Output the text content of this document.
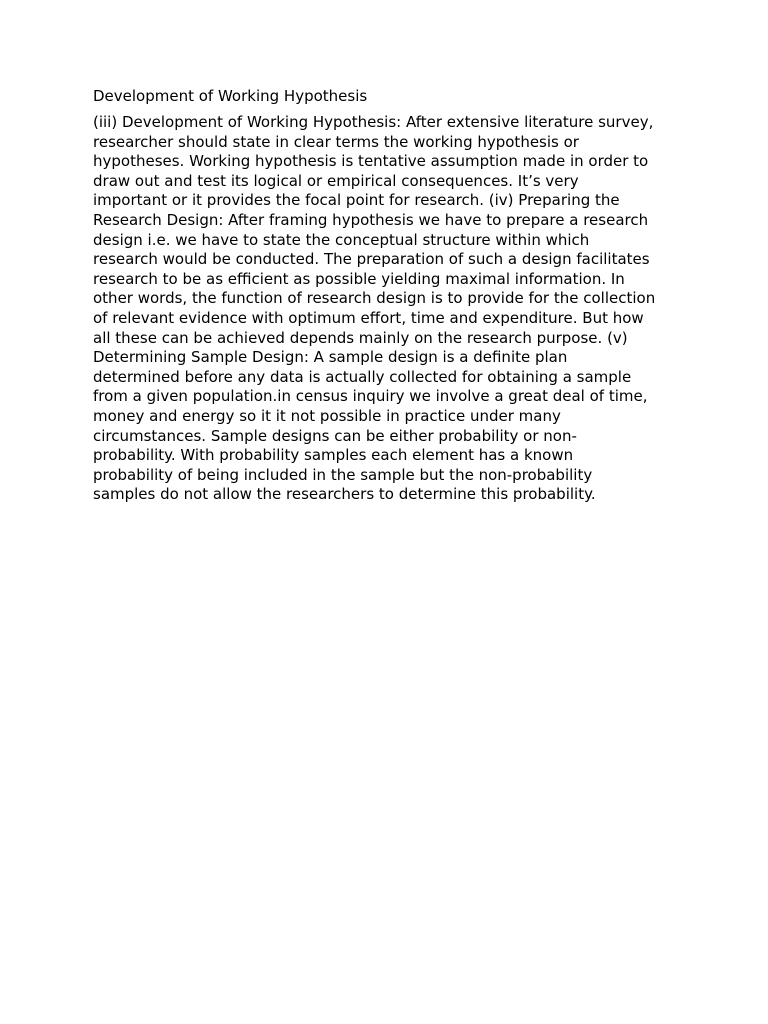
Development of Working Hypothesis

(iii) Development of Working Hypothesis: After extensive literature survey,
researcher should state in clear terms the working hypothesis or
hypotheses. Working hypothesis is tentative assumption made in order to
draw out and test its logical or empirical consequences. It’s very
important or it provides the focal point for research. (iv) Preparing the
Research Design: After framing hypothesis we have to prepare a research
design i.e. we have to state the conceptual structure within which
research would be conducted. The preparation of such a design facilitates
research to be as efficient as possible yielding maximal information. In
other words, the function of research design is to provide for the collection
of relevant evidence with optimum effort, time and expenditure. But how
all these can be achieved depends mainly on the research purpose. (v)
Determining Sample Design: A sample design is a definite plan
determined before any data is actually collected for obtaining a sample
from a given population.in census inquiry we involve a great deal of time,
money and energy so it it not possible in practice under many
circumstances. Sample designs can be either probability or non-
probability. With probability samples each element has a known
probability of being included in the sample but the non-probability
samples do not allow the researchers to determine this probability.
